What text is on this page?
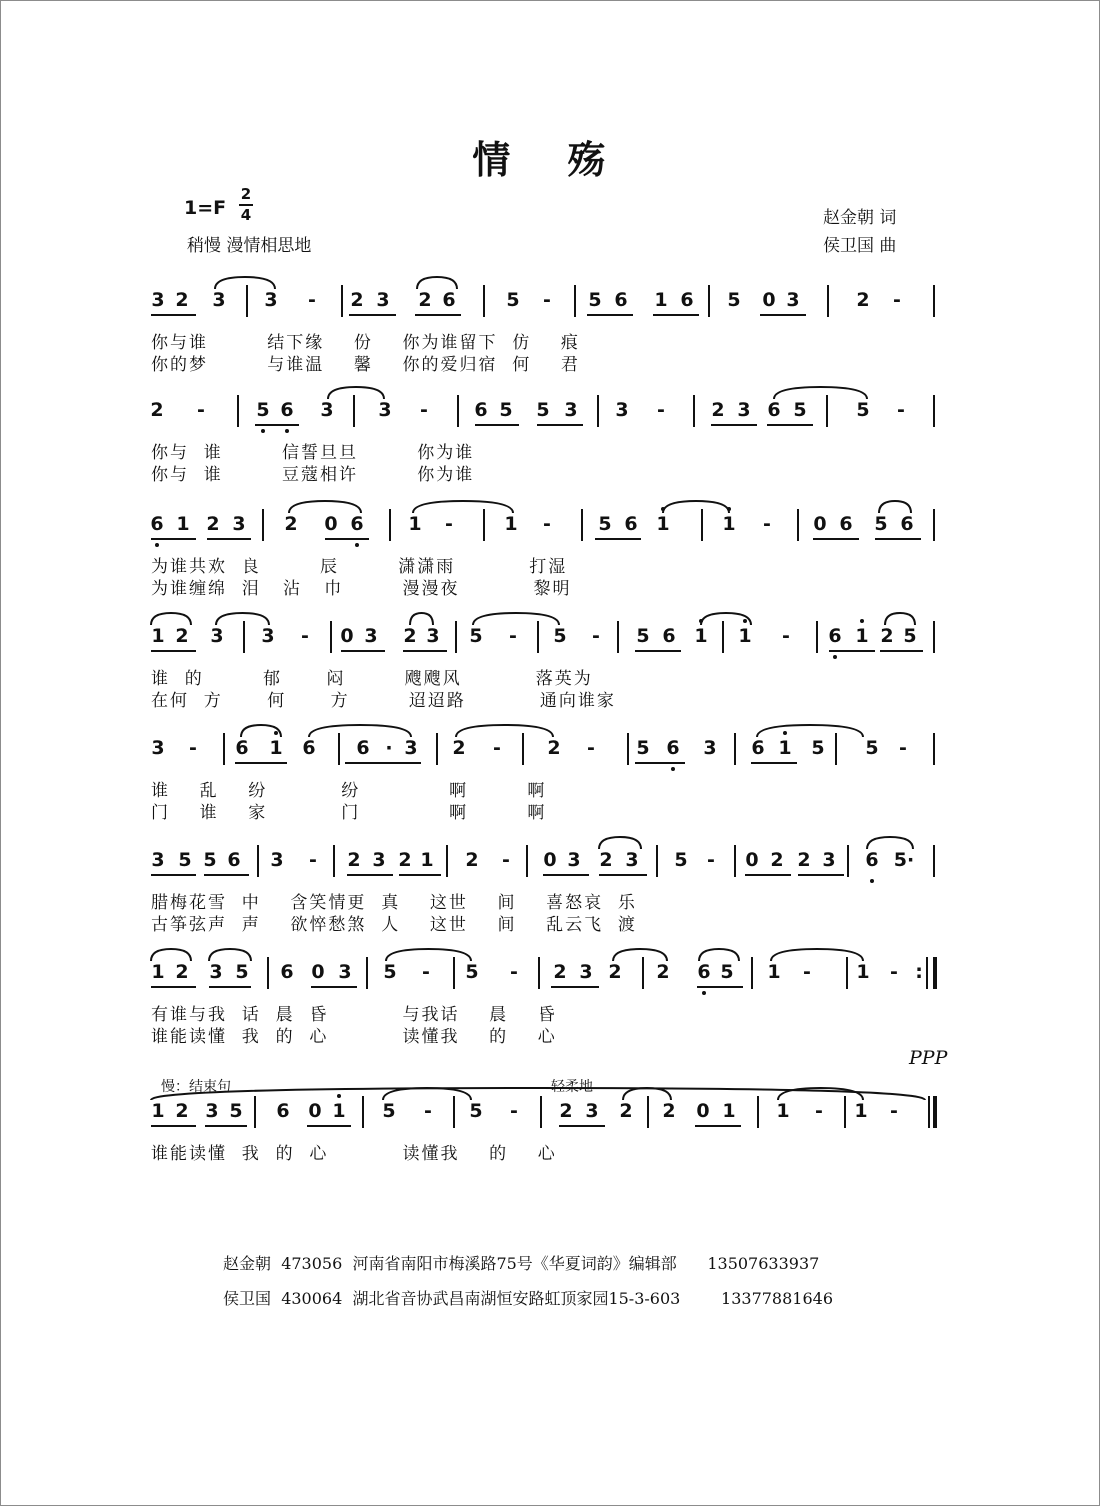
情 殇
1=F
2
4
稍慢 漫情相思地
赵金朝 词
侯卫国 曲
3 2 3 3	-	2 3 2 6	5	-	5 6 1 6 5 0 3	2	-
你与谁        结下缘    份    你为谁留下  仿    痕
你的梦        与谁温    馨    你的爱归宿  何    君
2	-	5 6 3 3	-	6 5 5 3 3	-	2 3 6 5	5	-
你与  谁        信誓旦旦        你为谁
你与  谁        豆蔻相许        你为谁
6 1 2 3 2 0 6 1	-	1	-	5 6 1	1	-	0 6 5 6
为谁共欢  良        辰        潇潇雨          打湿
为谁缠绵  泪   沾   巾        漫漫夜          黎明
1 2 3 3	-	0 3 2 3 5	-	5	-	5 6 1 1	-	6 1 2 5
谁  的        郁      闷        飕飕风          落英为
在何  方      何      方        迢迢路          通向谁家
3	-	6 1 6 6 · 3 2	-	2	-	5 6 3 6 1 5 5	-
谁    乱    纷          纷            啊        啊
门    谁    家          门            啊        啊
3 5 5 6 3	-	2 3 2 1 2	-	0 3 2 3 5	-	0 2 2 3 6 5·
腊梅花雪  中    含笑情更  真    这世    间    喜怒哀  乐
古筝弦声  声    欲悴愁煞  人    这世    间    乱云飞  渡
1 2 3 5 6 0 3 5	-	5	-	2 3 2 2 6 5 1	-	1	- :
有谁与我  话  晨  昏          与我话    晨    昏
谁能读懂  我  的  心          读懂我    的    心
1 2 3 5 6 0 1 5	-	5	-	2 3 2 2 0 1 1	-	1	-
谁能读懂  我  的  心          读懂我    的    心
慢：结束句	轻柔地
PPP
赵金朝 473056 河南省南阳市梅溪路75号《华夏词韵》编辑部 13507633937
侯卫国 430064 湖北省音协武昌南湖恒安路虹顶家园15-3-603	13377881646
